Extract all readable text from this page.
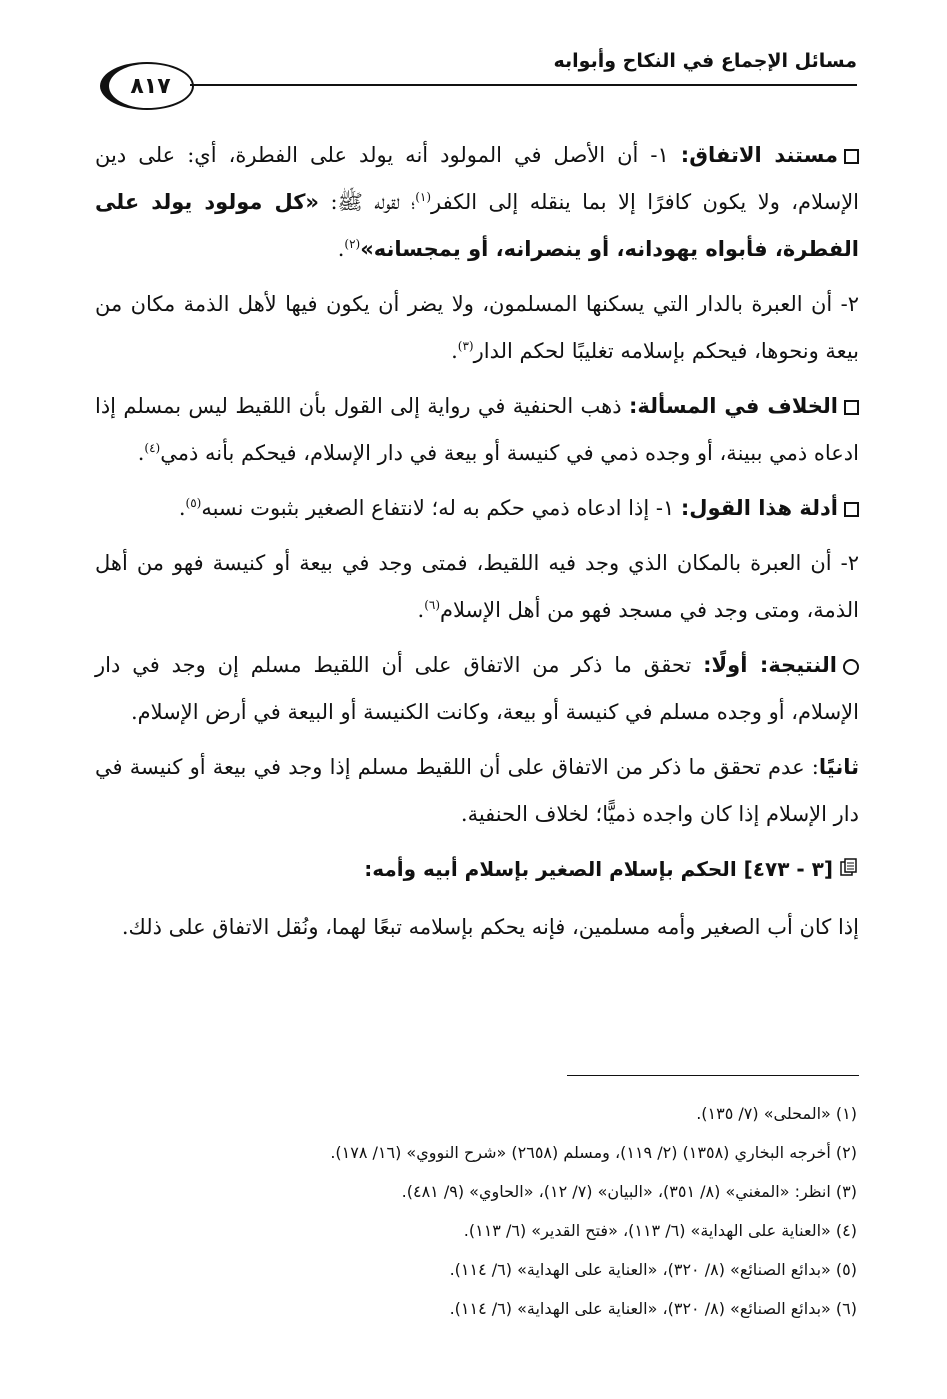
مسائل الإجماع في النكاح وأبوابه
٨١٧

مستند الاتفاق: ١- أن الأصل في المولود أنه يولد على الفطرة، أي: على دين الإسلام، ولا يكون كافرًا إلا بما ينقله إلى الكفر$^{(١)}$؛ لقوله ﷺ: «كل مولود يولد على الفطرة، فأبواه يهودانه، أو ينصرانه، أو يمجسانه»$^{(٢)}$.

٢- أن العبرة بالدار التي يسكنها المسلمون، ولا يضر أن يكون فيها لأهل الذمة مكان من بيعة ونحوها، فيحكم بإسلامه تغليبًا لحكم الدار$^{(٣)}$.

الخلاف في المسألة: ذهب الحنفية في رواية إلى القول بأن اللقيط ليس بمسلم إذا ادعاه ذمي ببينة، أو وجده ذمي في كنيسة أو بيعة في دار الإسلام، فيحكم بأنه ذمي$^{(٤)}$.

أدلة هذا القول: ١- إذا ادعاه ذمي حكم به له؛ لانتفاع الصغير بثبوت نسبه$^{(٥)}$.

٢- أن العبرة بالمكان الذي وجد فيه اللقيط، فمتى وجد في بيعة أو كنيسة فهو من أهل الذمة، ومتى وجد في مسجد فهو من أهل الإسلام$^{(٦)}$.

النتيجة: أولًا: تحقق ما ذكر من الاتفاق على أن اللقيط مسلم إن وجد في دار الإسلام، أو وجده مسلم في كنيسة أو بيعة، وكانت الكنيسة أو البيعة في أرض الإسلام.

ثانيًا: عدم تحقق ما ذكر من الاتفاق على أن اللقيط مسلم إذا وجد في بيعة أو كنيسة في دار الإسلام إذا كان واجده ذميًّا؛ لخلاف الحنفية.

[٣ - ٤٧٣] الحكم بإسلام الصغير بإسلام أبيه وأمه:

إذا كان أب الصغير وأمه مسلمين، فإنه يحكم بإسلامه تبعًا لهما، ونُقل الاتفاق على ذلك.

(١) «المحلى» (٧/ ١٣٥).
(٢) أخرجه البخاري (١٣٥٨) (٢/ ١١٩)، ومسلم (٢٦٥٨) «شرح النووي» (١٦/ ١٧٨).
(٣) انظر: «المغني» (٨/ ٣٥١)، «البيان» (٧/ ١٢)، «الحاوي» (٩/ ٤٨١).
(٤) «العناية على الهداية» (٦/ ١١٣)، «فتح القدير» (٦/ ١١٣).
(٥) «بدائع الصنائع» (٨/ ٣٢٠)، «العناية على الهداية» (٦/ ١١٤).
(٦) «بدائع الصنائع» (٨/ ٣٢٠)، «العناية على الهداية» (٦/ ١١٤).
